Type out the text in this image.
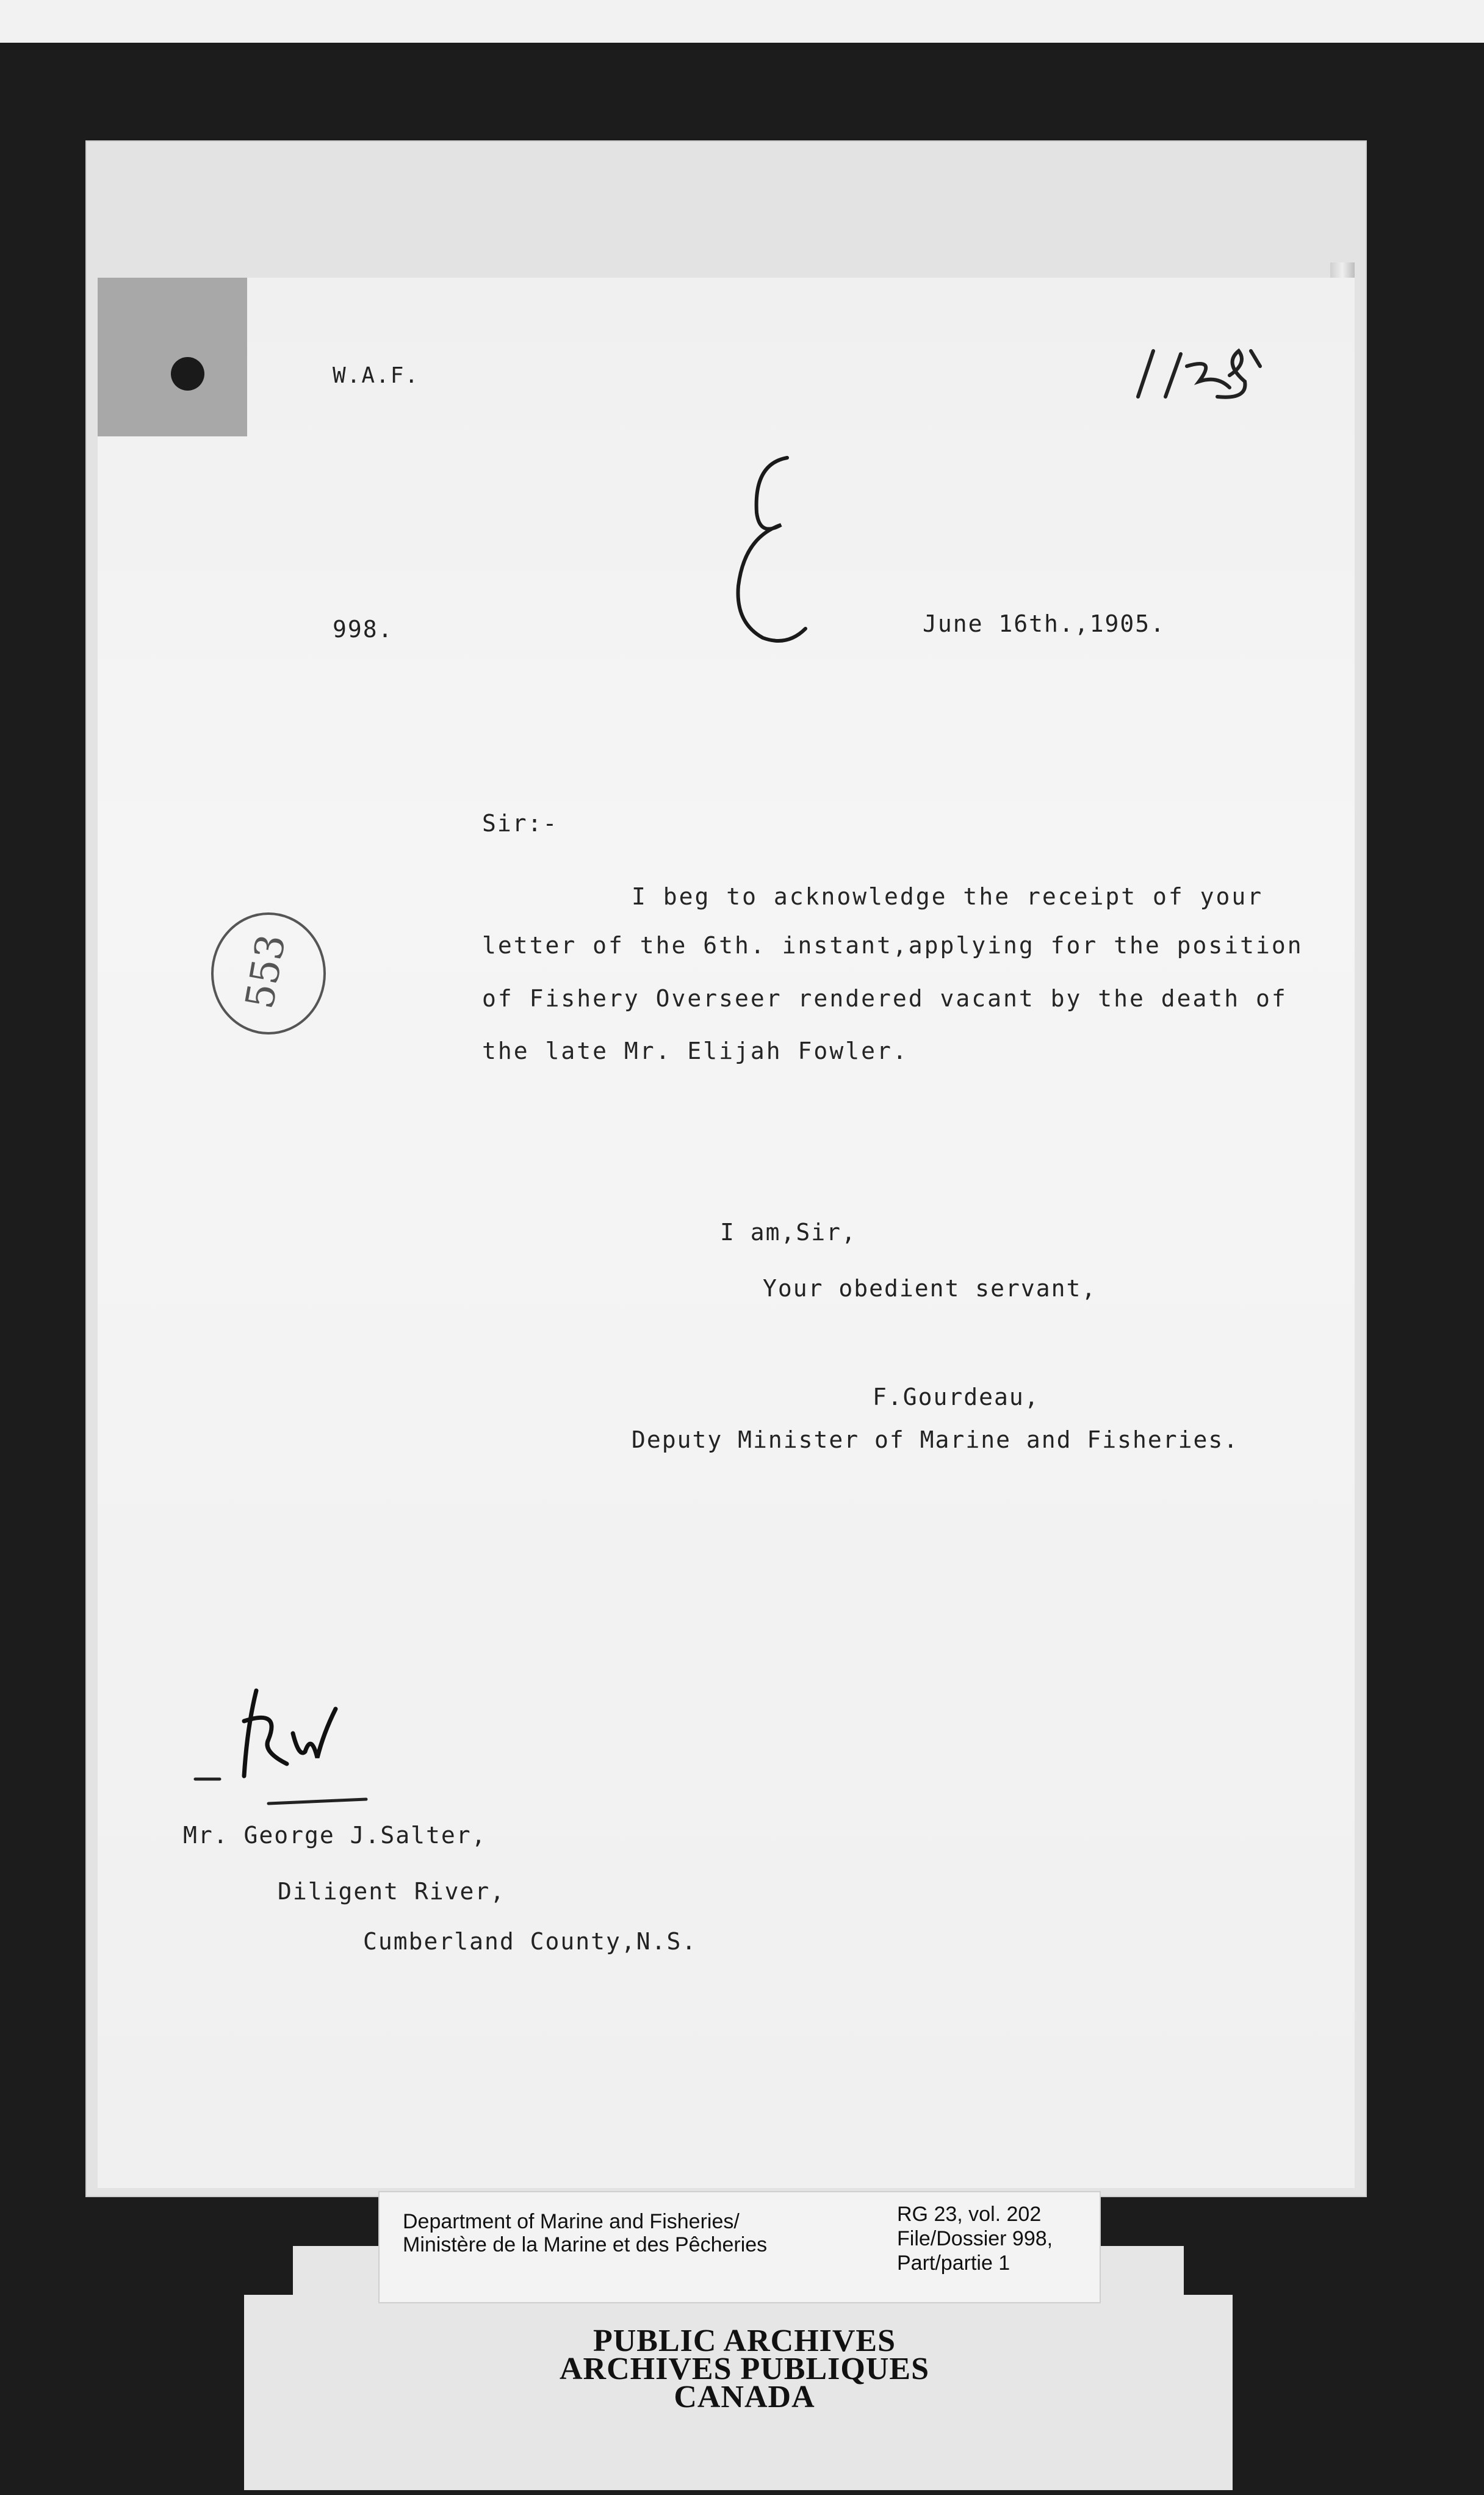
W.A.F.
998.	June 16th.,1905.
Sir:-
I beg to acknowledge the receipt of your
letter of the 6th. instant,applying for the position
of Fishery Overseer rendered vacant by the death of
the late Mr. Elijah Fowler.
553
I am,Sir,
Your obedient servant,
F.Gourdeau,
Deputy Minister of Marine and Fisheries.
Mr. George J.Salter,
Diligent River,
Cumberland County,N.S.
Department of Marine and Fisheries/
Ministère de la Marine et des Pêcheries
RG 23, vol. 202
File/Dossier 998,
Part/partie 1
PUBLIC ARCHIVES
ARCHIVES PUBLIQUES
CANADA
